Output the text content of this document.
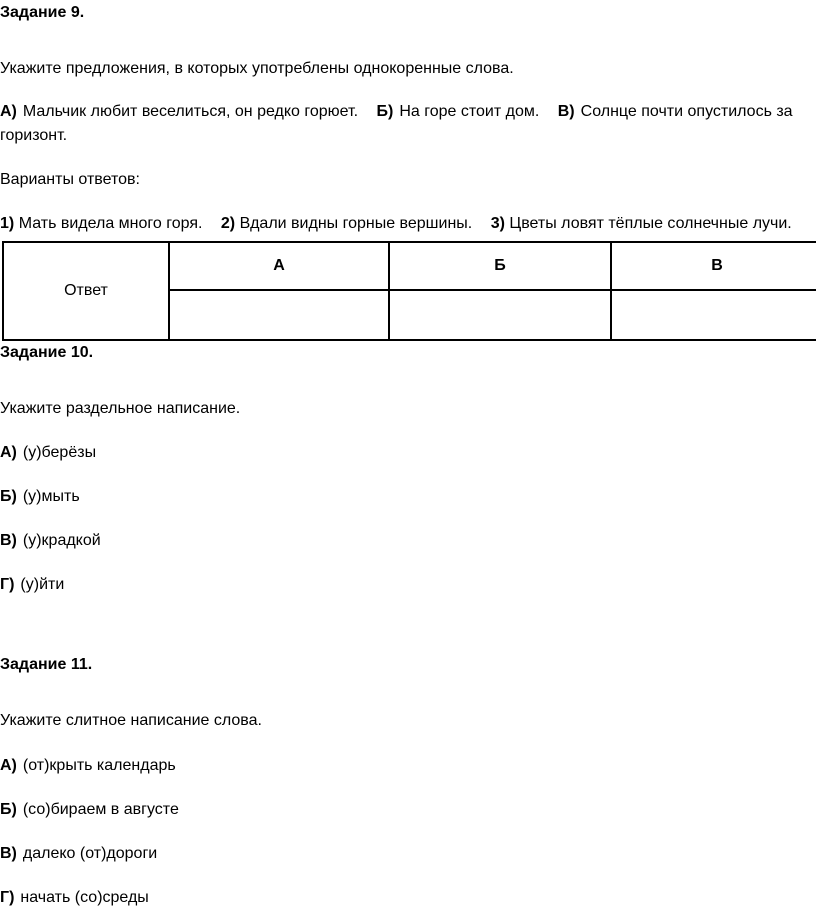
Задание 9.
Укажите предложения, в которых употреблены однокоренные слова.
А) Мальчик любит веселиться, он редко горюет. Б) На горе стоит дом. В) Солнце почти опустилось за
горизонт.
Варианты ответов:
1) Мать видела много горя. 2) Вдали видны горные вершины. 3) Цветы ловят тёплые солнечные лучи.
Ответ	А	Б	В

Задание 10.
Укажите раздельное написание.
А) (у)берёзы
Б) (у)мыть
В) (у)крадкой
Г) (у)йти
Задание 11.
Укажите слитное написание слова.
А) (от)крыть календарь
Б) (со)бираем в августе
В) далеко (от)дороги
Г) начать (со)среды
